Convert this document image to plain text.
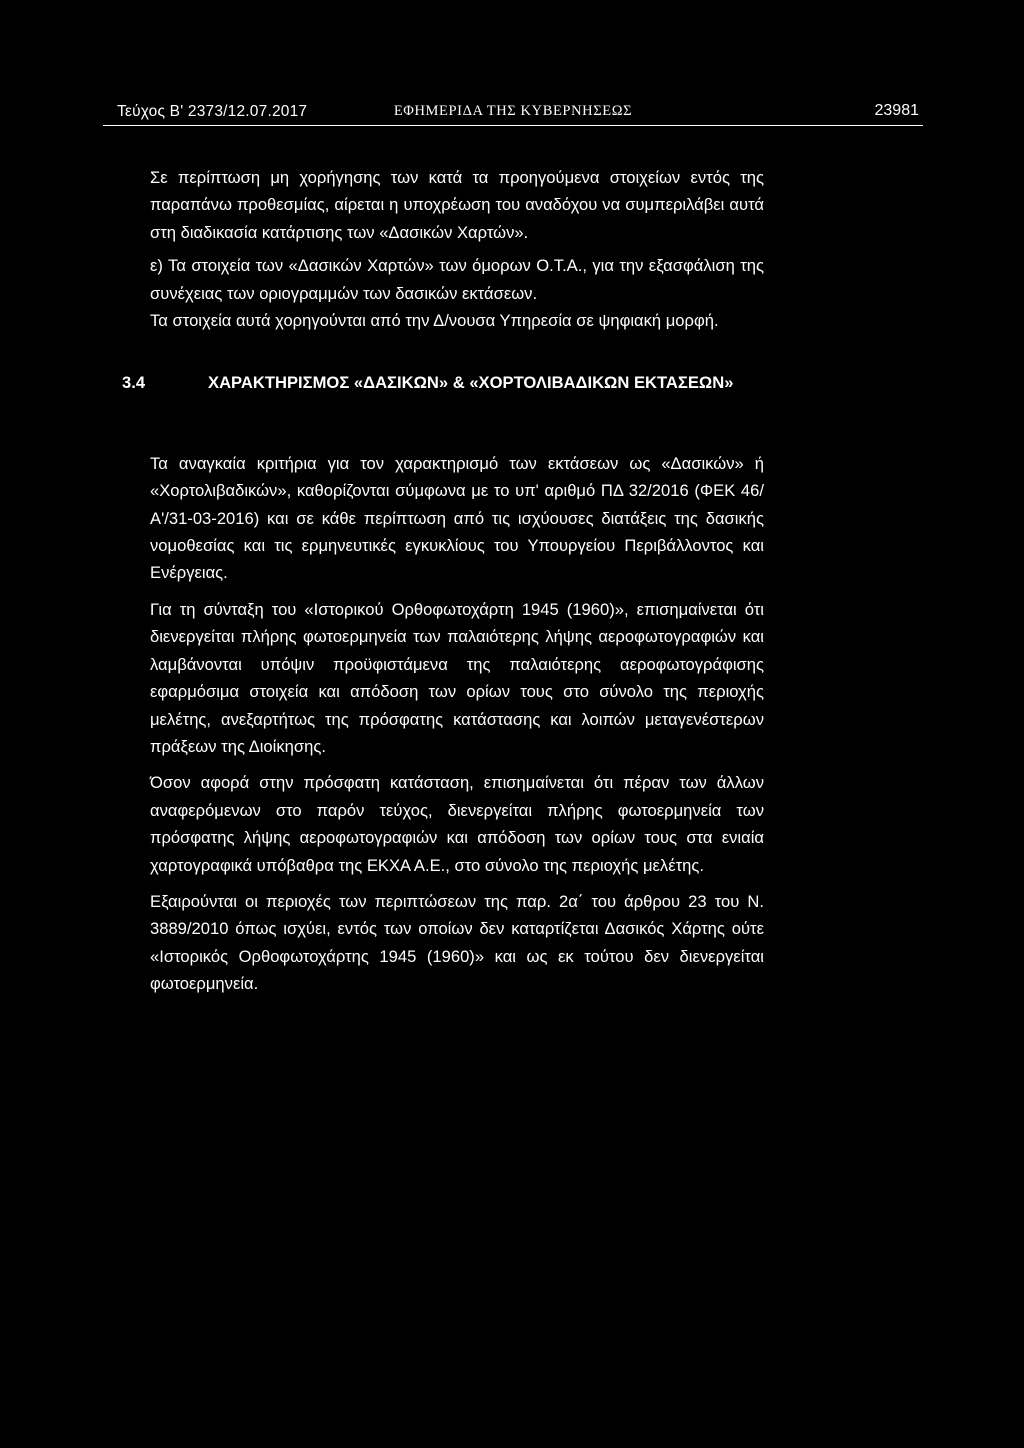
Τεύχος Β' 2373/12.07.2017	ΕΦΗΜΕΡΙΔΑ ΤΗΣ ΚΥΒΕΡΝΗΣΕΩΣ	23981

Σε περίπτωση μη χορήγησης των κατά τα προηγούμενα στοιχείων εντός της παραπάνω προθεσμίας, αίρεται η υποχρέωση του αναδόχου να συμπεριλάβει αυτά στη διαδικασία κατάρτισης των «Δασικών Χαρτών».

ε) Τα στοιχεία των «Δασικών Χαρτών» των όμορων Ο.Τ.Α., για την εξασφάλιση της συνέχειας των οριογραμμών των δασικών εκτάσεων.

Τα στοιχεία αυτά χορηγούνται από την Δ/νουσα Υπηρεσία σε ψηφιακή μορφή.

3.4	ΧΑΡΑΚΤΗΡΙΣΜΟΣ «ΔΑΣΙΚΩΝ» & «ΧΟΡΤΟΛΙΒΑΔΙΚΩΝ ΕΚΤΑΣΕΩΝ»

Τα αναγκαία κριτήρια για τον χαρακτηρισμό των εκτάσεων ως «Δασικών» ή «Χορτολιβαδικών», καθορίζονται σύμφωνα με το υπ' αριθμό ΠΔ 32/2016 (ΦΕΚ 46/Α'/31-03-2016) και σε κάθε περίπτωση από τις ισχύουσες διατάξεις της δασικής νομοθεσίας και τις ερμηνευτικές εγκυκλίους του Υπουργείου Περιβάλλοντος και Ενέργειας.

Για τη σύνταξη του «Ιστορικού Ορθοφωτοχάρτη 1945 (1960)», επισημαίνεται ότι διενεργείται πλήρης φωτοερμηνεία των παλαιότερης λήψης αεροφωτογραφιών και λαμβάνονται υπόψιν προϋφιστάμενα της παλαιότερης αεροφωτογράφισης εφαρμόσιμα στοιχεία και απόδοση των ορίων τους στο σύνολο της περιοχής μελέτης, ανεξαρτήτως της πρόσφατης κατάστασης και λοιπών μεταγενέστερων πράξεων της Διοίκησης.

Όσον αφορά στην πρόσφατη κατάσταση, επισημαίνεται ότι πέραν των άλλων αναφερόμενων στο παρόν τεύχος, διενεργείται πλήρης φωτοερμηνεία των πρόσφατης λήψης αεροφωτογραφιών και απόδοση των ορίων τους στα ενιαία χαρτογραφικά υπόβαθρα της ΕΚΧΑ Α.Ε., στο σύνολο της περιοχής μελέτης.

Εξαιρούνται οι περιοχές των περιπτώσεων της παρ. 2α΄ του άρθρου 23 του Ν. 3889/2010 όπως ισχύει, εντός των οποίων δεν καταρτίζεται Δασικός Χάρτης ούτε «Ιστορικός Ορθοφωτοχάρτης 1945 (1960)» και ως εκ τούτου δεν διενεργείται φωτοερμηνεία.
